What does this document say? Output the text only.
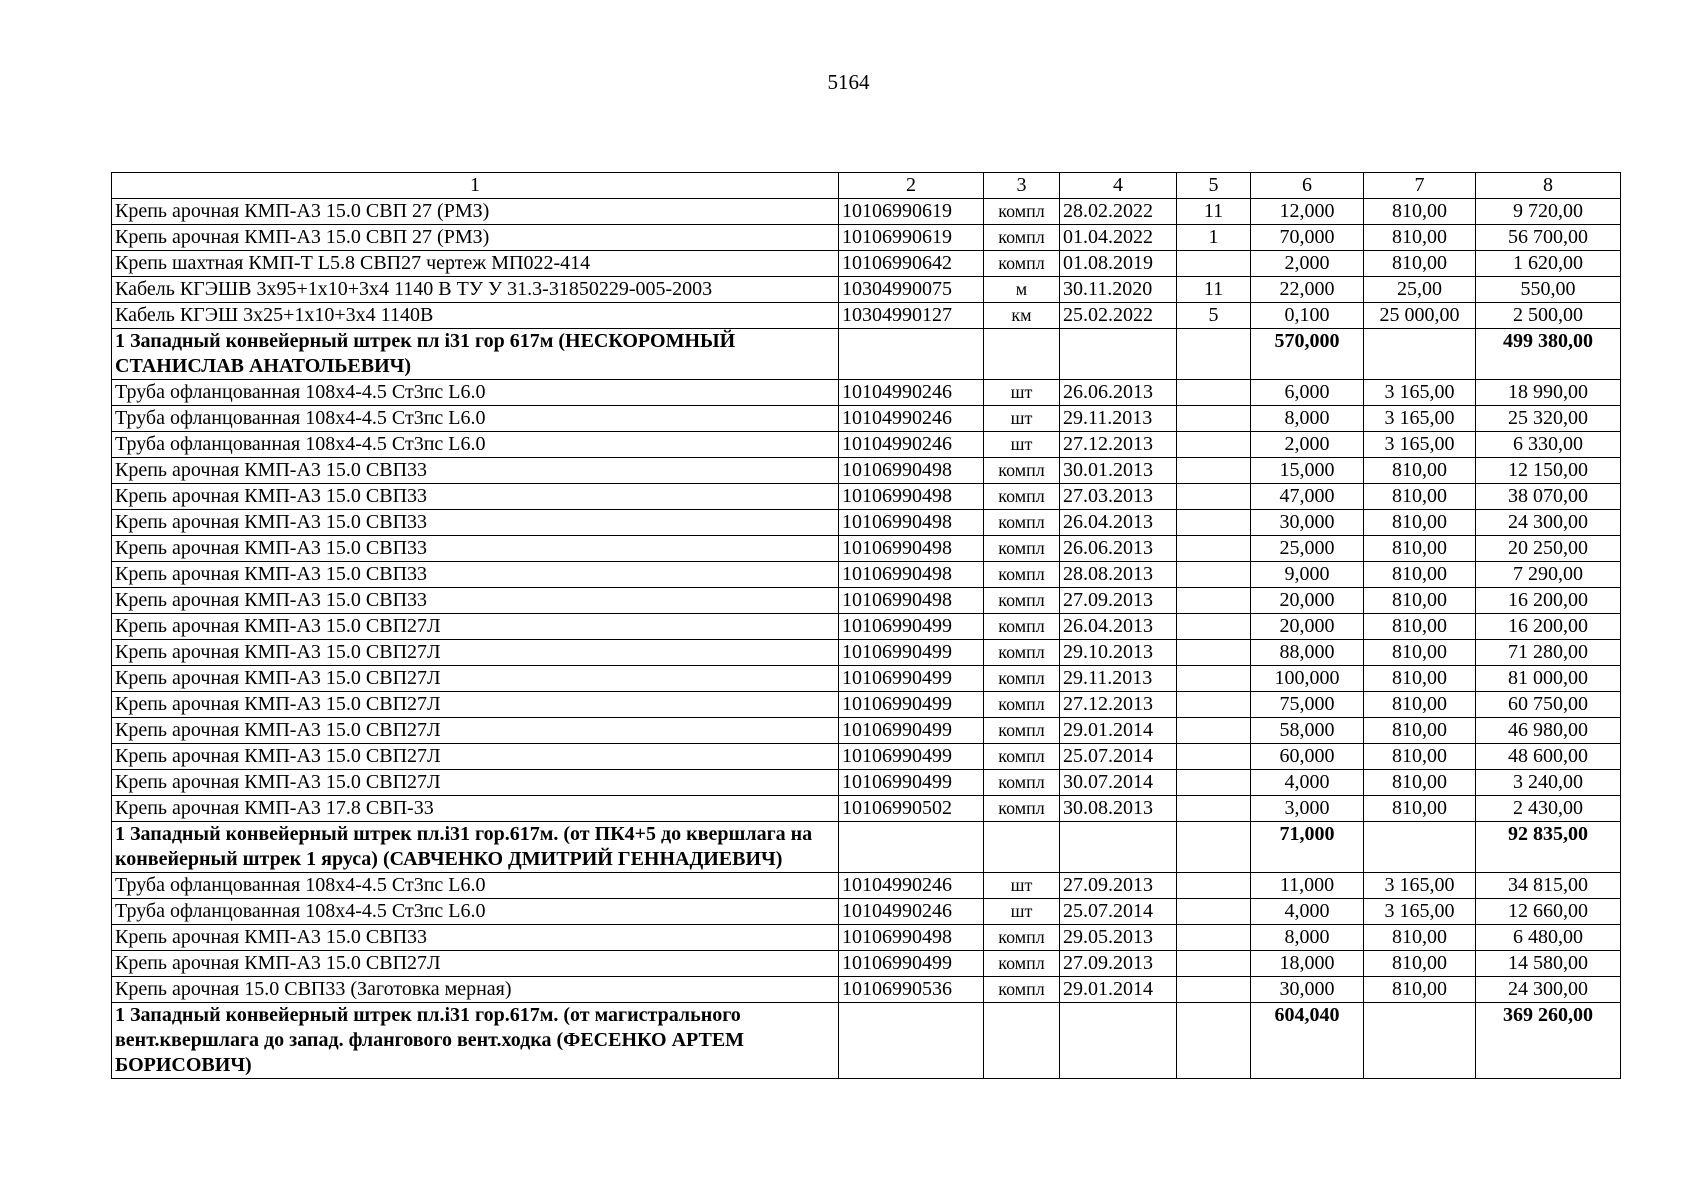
5164
1	2	3	4	5	6	7	8
Крепь арочная КМП-А3 15.0 СВП 27 (РМЗ)	10106990619	компл	28.02.2022	11	12,000	810,00	9 720,00
Крепь арочная КМП-А3 15.0 СВП 27 (РМЗ)	10106990619	компл	01.04.2022	1	70,000	810,00	56 700,00
Крепь шахтная КМП-Т L5.8 СВП27 чертеж МП022-414	10106990642	компл	01.08.2019		2,000	810,00	1 620,00
Кабель КГЭШВ 3х95+1х10+3х4 1140 В ТУ У 31.3-31850229-005-2003	10304990075	м	30.11.2020	11	22,000	25,00	550,00
Кабель КГЭШ 3х25+1х10+3х4 1140В	10304990127	км	25.02.2022	5	0,100	25 000,00	2 500,00
1 Западный конвейерный штрек пл i31 гор 617м (НЕСКОРОМНЫЙ СТАНИСЛАВ АНАТОЛЬЕВИЧ)					570,000		499 380,00
Труба офланцованная 108х4-4.5 Ст3пс L6.0	10104990246	шт	26.06.2013		6,000	3 165,00	18 990,00
Труба офланцованная 108х4-4.5 Ст3пс L6.0	10104990246	шт	29.11.2013		8,000	3 165,00	25 320,00
Труба офланцованная 108х4-4.5 Ст3пс L6.0	10104990246	шт	27.12.2013		2,000	3 165,00	6 330,00
Крепь арочная КМП-А3 15.0 СВП33	10106990498	компл	30.01.2013		15,000	810,00	12 150,00
Крепь арочная КМП-А3 15.0 СВП33	10106990498	компл	27.03.2013		47,000	810,00	38 070,00
Крепь арочная КМП-А3 15.0 СВП33	10106990498	компл	26.04.2013		30,000	810,00	24 300,00
Крепь арочная КМП-А3 15.0 СВП33	10106990498	компл	26.06.2013		25,000	810,00	20 250,00
Крепь арочная КМП-А3 15.0 СВП33	10106990498	компл	28.08.2013		9,000	810,00	7 290,00
Крепь арочная КМП-А3 15.0 СВП33	10106990498	компл	27.09.2013		20,000	810,00	16 200,00
Крепь арочная КМП-А3 15.0 СВП27Л	10106990499	компл	26.04.2013		20,000	810,00	16 200,00
Крепь арочная КМП-А3 15.0 СВП27Л	10106990499	компл	29.10.2013		88,000	810,00	71 280,00
Крепь арочная КМП-А3 15.0 СВП27Л	10106990499	компл	29.11.2013		100,000	810,00	81 000,00
Крепь арочная КМП-А3 15.0 СВП27Л	10106990499	компл	27.12.2013		75,000	810,00	60 750,00
Крепь арочная КМП-А3 15.0 СВП27Л	10106990499	компл	29.01.2014		58,000	810,00	46 980,00
Крепь арочная КМП-А3 15.0 СВП27Л	10106990499	компл	25.07.2014		60,000	810,00	48 600,00
Крепь арочная КМП-А3 15.0 СВП27Л	10106990499	компл	30.07.2014		4,000	810,00	3 240,00
Крепь арочная КМП-А3 17.8 СВП-33	10106990502	компл	30.08.2013		3,000	810,00	2 430,00
1 Западный конвейерный штрек пл.i31 гор.617м. (от ПК4+5 до квершлага на конвейерный штрек 1 яруса) (САВЧЕНКО ДМИТРИЙ ГЕННАДИЕВИЧ)					71,000		92 835,00
Труба офланцованная 108х4-4.5 Ст3пс L6.0	10104990246	шт	27.09.2013		11,000	3 165,00	34 815,00
Труба офланцованная 108х4-4.5 Ст3пс L6.0	10104990246	шт	25.07.2014		4,000	3 165,00	12 660,00
Крепь арочная КМП-А3 15.0 СВП33	10106990498	компл	29.05.2013		8,000	810,00	6 480,00
Крепь арочная КМП-А3 15.0 СВП27Л	10106990499	компл	27.09.2013		18,000	810,00	14 580,00
Крепь арочная 15.0 СВП33 (Заготовка мерная)	10106990536	компл	29.01.2014		30,000	810,00	24 300,00
1 Западный конвейерный штрек пл.i31 гор.617м. (от магистрального вент.квершлага до запад. флангового вент.ходка (ФЕСЕНКО АРТЕМ БОРИСОВИЧ)					604,040		369 260,00
